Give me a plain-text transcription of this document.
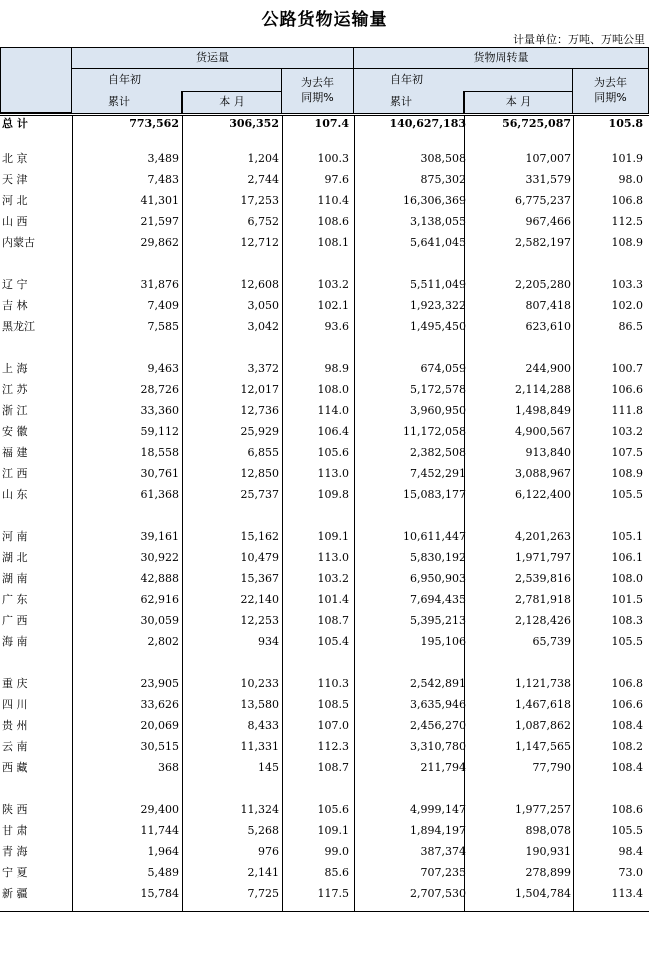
公路货物运输量
计量单位：万吨、万吨公里
货运量	货物周转量
自年初
累计	本 月
为去年
同期%
自年初
累计	本 月
为去年
同期%
总 计	773,562	306,352	107.4	140,627,183	56,725,087	105.8
北 京	3,489	1,204	100.3	308,508	107,007	101.9
天 津	7,483	2,744	97.6	875,302	331,579	98.0
河 北	41,301	17,253	110.4	16,306,369	6,775,237	106.8
山 西	21,597	6,752	108.6	3,138,055	967,466	112.5
内蒙古	29,862	12,712	108.1	5,641,045	2,582,197	108.9
辽 宁	31,876	12,608	103.2	5,511,049	2,205,280	103.3
吉 林	7,409	3,050	102.1	1,923,322	807,418	102.0
黑龙江	7,585	3,042	93.6	1,495,450	623,610	86.5
上 海	9,463	3,372	98.9	674,059	244,900	100.7
江 苏	28,726	12,017	108.0	5,172,578	2,114,288	106.6
浙 江	33,360	12,736	114.0	3,960,950	1,498,849	111.8
安 徽	59,112	25,929	106.4	11,172,058	4,900,567	103.2
福 建	18,558	6,855	105.6	2,382,508	913,840	107.5
江 西	30,761	12,850	113.0	7,452,291	3,088,967	108.9
山 东	61,368	25,737	109.8	15,083,177	6,122,400	105.5
河 南	39,161	15,162	109.1	10,611,447	4,201,263	105.1
湖 北	30,922	10,479	113.0	5,830,192	1,971,797	106.1
湖 南	42,888	15,367	103.2	6,950,903	2,539,816	108.0
广 东	62,916	22,140	101.4	7,694,435	2,781,918	101.5
广 西	30,059	12,253	108.7	5,395,213	2,128,426	108.3
海 南	2,802	934	105.4	195,106	65,739	105.5
重 庆	23,905	10,233	110.3	2,542,891	1,121,738	106.8
四 川	33,626	13,580	108.5	3,635,946	1,467,618	106.6
贵 州	20,069	8,433	107.0	2,456,270	1,087,862	108.4
云 南	30,515	11,331	112.3	3,310,780	1,147,565	108.2
西 藏	368	145	108.7	211,794	77,790	108.4
陕 西	29,400	11,324	105.6	4,999,147	1,977,257	108.6
甘 肃	11,744	5,268	109.1	1,894,197	898,078	105.5
青 海	1,964	976	99.0	387,374	190,931	98.4
宁 夏	5,489	2,141	85.6	707,235	278,899	73.0
新 疆	15,784	7,725	117.5	2,707,530	1,504,784	113.4
